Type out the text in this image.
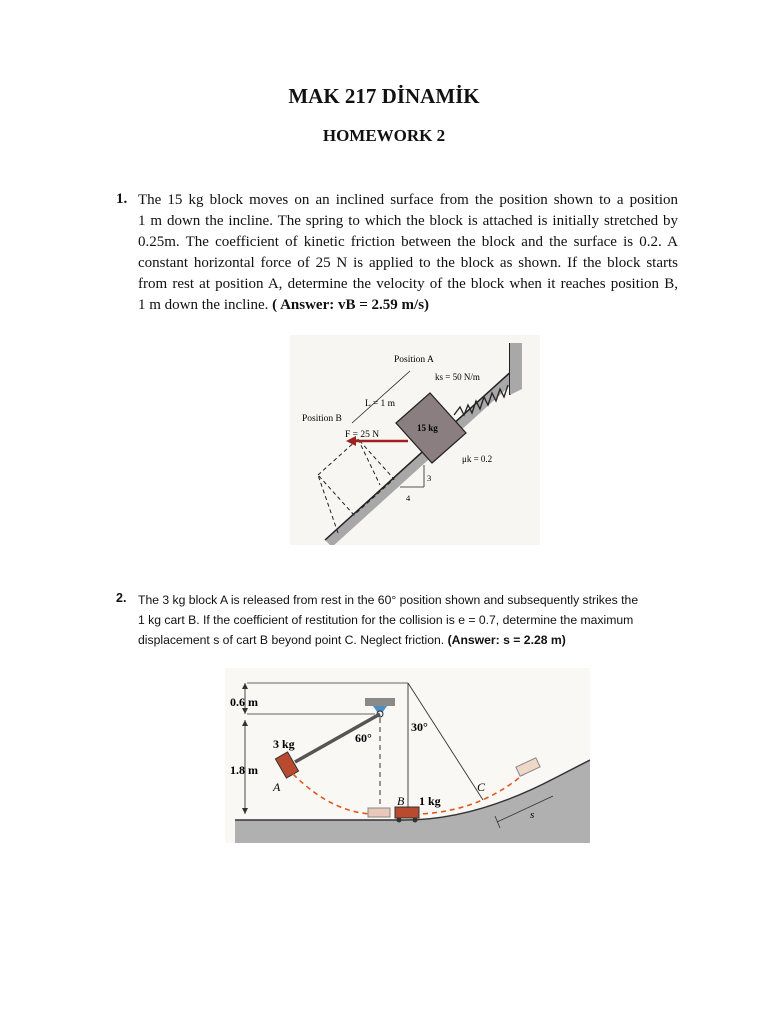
MAK 217 DİNAMİK
HOMEWORK 2
1. The 15 kg block moves on an inclined surface from the position shown to a position
1 m down the incline. The spring to which the block is attached is initially stretched by
0.25m. The coefficient of kinetic friction between the block and the surface is 0.2. A
constant horizontal force of 25 N is applied to the block as shown. If the block starts
from rest at position A, determine the velocity of the block when it reaches position B,
1 m down the incline. ( Answer: vB = 2.59 m/s)
Position A
ks = 50 N/m
L = 1 m
Position B
F = 25 N
15 kg
μk = 0.2
3
4
2. The 3 kg block A is released from rest in the 60° position shown and subsequently strikes the
1 kg cart B. If the coefficient of restitution for the collision is e = 0.7, determine the maximum
displacement s of cart B beyond point C. Neglect friction. (Answer: s = 2.28 m)
0.6 m
1.8 m
3 kg
A
60°
30°
B 1 kg
C
s
